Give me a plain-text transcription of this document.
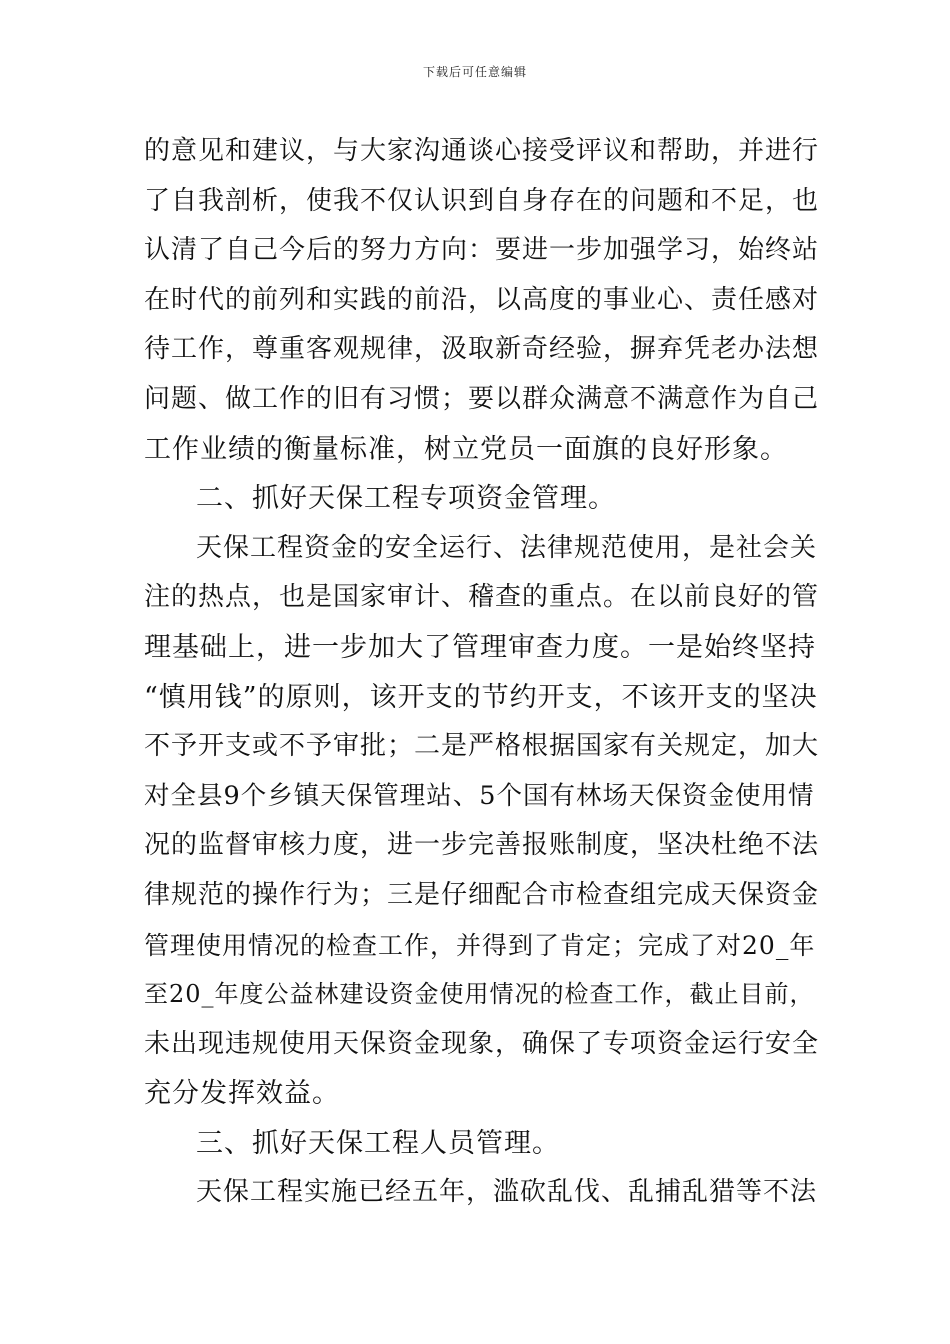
下载后可任意编辑
的意见和建议，与大家沟通谈心接受评议和帮助，并进行
了自我剖析，使我不仅认识到自身存在的问题和不足，也
认清了自己今后的努力方向：要进一步加强学习，始终站
在时代的前列和实践的前沿，以高度的事业心、责任感对
待工作，尊重客观规律，汲取新奇经验，摒弃凭老办法想
问题、做工作的旧有习惯；要以群众满意不满意作为自己
工作业绩的衡量标准，树立党员一面旗的良好形象。
二、抓好天保工程专项资金管理。
天保工程资金的安全运行、法律规范使用，是社会关
注的热点，也是国家审计、稽查的重点。在以前良好的管
理基础上，进一步加大了管理审查力度。一是始终坚持
“慎用钱”的原则，该开支的节约开支，不该开支的坚决
不予开支或不予审批；二是严格根据国家有关规定，加大
对全县9个乡镇天保管理站、5个国有林场天保资金使用情
况的监督审核力度，进一步完善报账制度，坚决杜绝不法
律规范的操作行为；三是仔细配合市检查组完成天保资金
管理使用情况的检查工作，并得到了肯定；完成了对20_年
至20_年度公益林建设资金使用情况的检查工作，截止目前，
未出现违规使用天保资金现象，确保了专项资金运行安全
充分发挥效益。
三、抓好天保工程人员管理。
天保工程实施已经五年，滥砍乱伐、乱捕乱猎等不法
